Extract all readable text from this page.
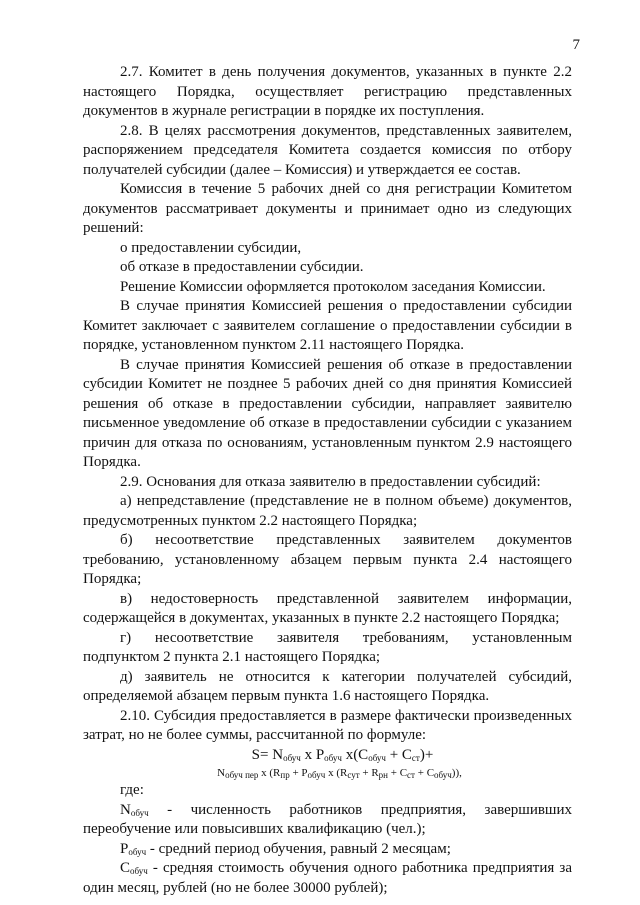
7

2.7. Комитет в день получения документов, указанных в пункте 2.2 настоящего Порядка, осуществляет регистрацию представленных документов в журнале регистрации в порядке их поступления.

2.8. В целях рассмотрения документов, представленных заявителем, распоряжением председателя Комитета создается комиссия по отбору получателей субсидии (далее – Комиссия) и утверждается ее состав.

Комиссия в течение 5 рабочих дней со дня регистрации Комитетом документов рассматривает документы и принимает одно из следующих решений:

о предоставлении субсидии,

об отказе в предоставлении субсидии.

Решение Комиссии оформляется протоколом заседания Комиссии.

В случае принятия Комиссией решения о предоставлении субсидии Комитет заключает с заявителем соглашение о предоставлении субсидии в порядке, установленном пунктом 2.11 настоящего Порядка.

В случае принятия Комиссией решения об отказе в предоставлении субсидии Комитет не позднее 5 рабочих дней со дня принятия Комиссией решения об отказе в предоставлении субсидии, направляет заявителю письменное уведомление об отказе в предоставлении субсидии с указанием причин для отказа по основаниям, установленным пунктом 2.9 настоящего Порядка.

2.9. Основания для отказа заявителю в предоставлении субсидий:

а) непредставление (представление не в полном объеме) документов, предусмотренных пунктом 2.2 настоящего Порядка;

б) несоответствие представленных заявителем документов требованию, установленному абзацем первым пункта 2.4 настоящего Порядка;

в) недостоверность представленной заявителем информации, содержащейся в документах, указанных в пункте 2.2 настоящего Порядка;

г) несоответствие заявителя требованиям, установленным подпунктом 2 пункта 2.1 настоящего Порядка;

д) заявитель не относится к категории получателей субсидий, определяемой абзацем первым пункта 1.6 настоящего Порядка.

2.10. Субсидия предоставляется в размере фактически произведенных затрат, но не более суммы, рассчитанной по формуле:

$S= N_{обуч}$ x $P_{обуч}$ $x(C_{обуч} + C_{ст})+$

$N_{обуч пер}$ x ($R_{пр} + P_{обуч}$ x $(R_{сут} + R_{рн} + C_{ст} + C_{обуч})$),

где:

$N_{обуч}$ - численность работников предприятия, завершивших переобучение или повысивших квалификацию (чел.);

$P_{обуч}$ - средний период обучения, равный 2 месяцам;

$C_{обуч}$ - средняя стоимость обучения одного работника предприятия за один месяц, рублей (но не более 30000 рублей);
